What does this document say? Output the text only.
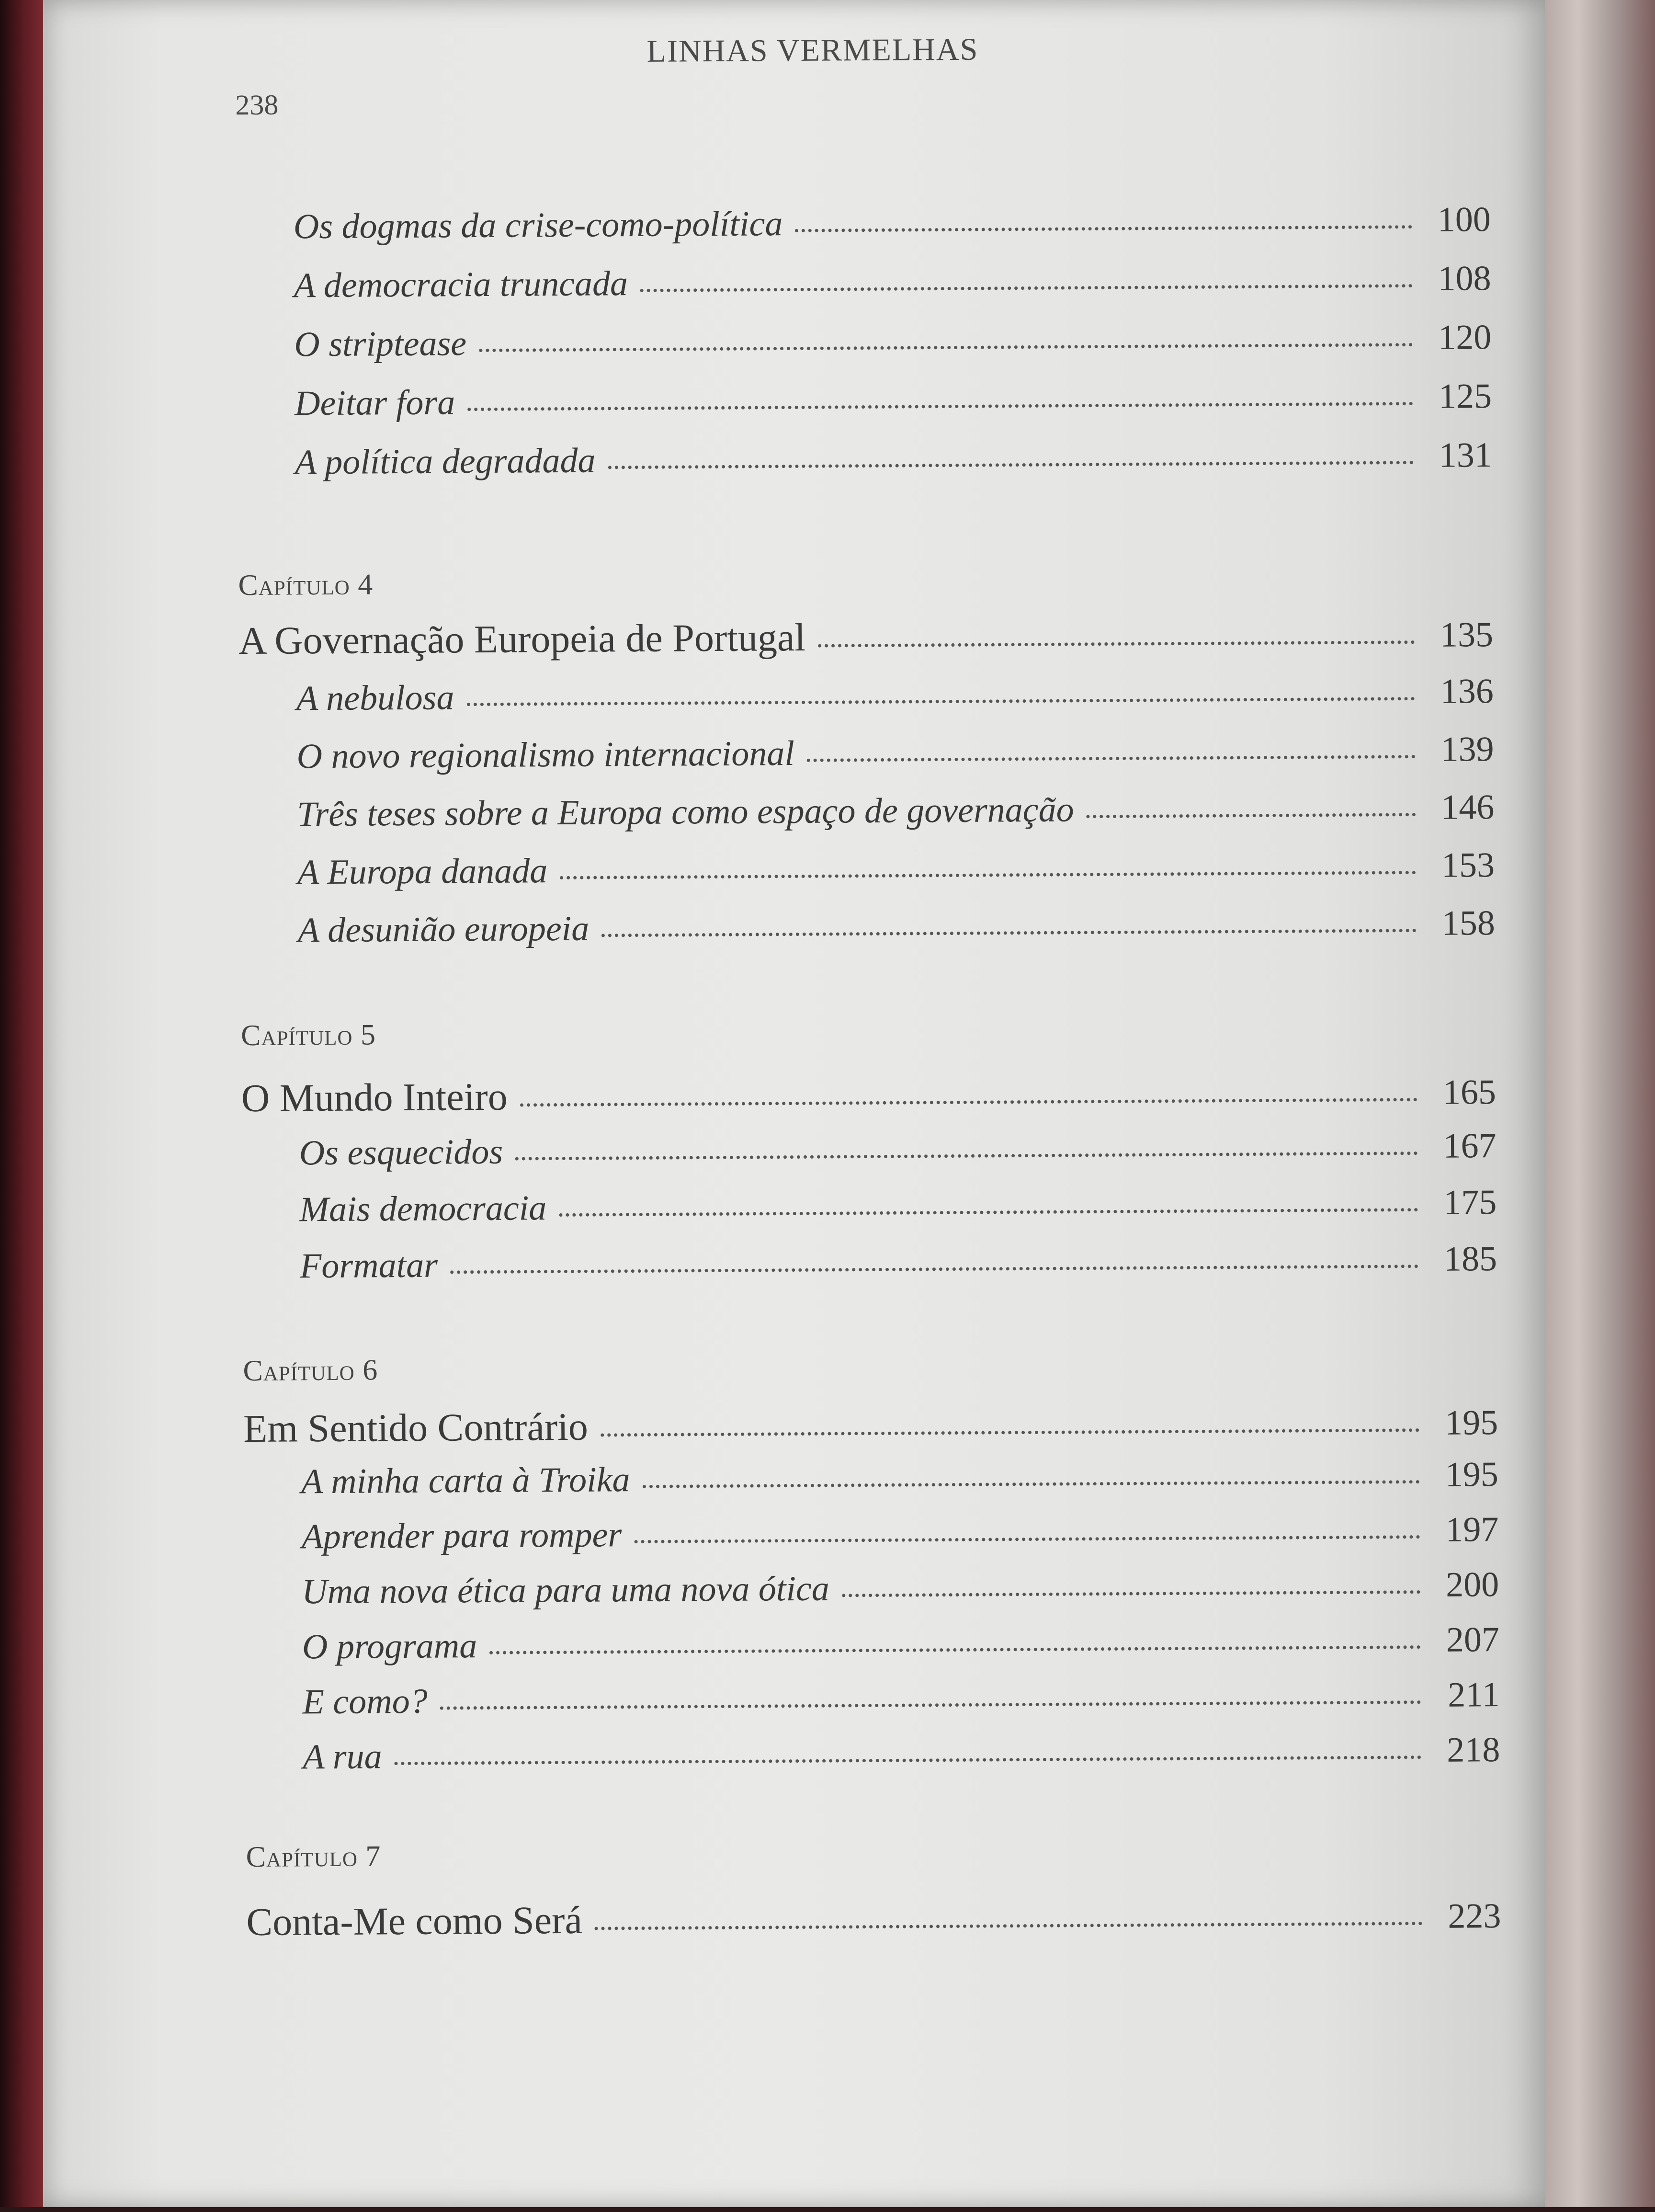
LINHAS VERMELHAS
238
Os dogmas da crise-como-política	100
A democracia truncada	108
O striptease	120
Deitar fora	125
A política degradada	131
Capítulo 4
A Governação Europeia de Portugal	135
A nebulosa	136
O novo regionalismo internacional	139
Três teses sobre a Europa como espaço de governação	146
A Europa danada	153
A desunião europeia	158
Capítulo 5
O Mundo Inteiro	165
Os esquecidos	167
Mais democracia	175
Formatar	185
Capítulo 6
Em Sentido Contrário	195
A minha carta à Troika	195
Aprender para romper	197
Uma nova ética para uma nova ótica	200
O programa	207
E como?	211
A rua	218
Capítulo 7
Conta-Me como Será	223
